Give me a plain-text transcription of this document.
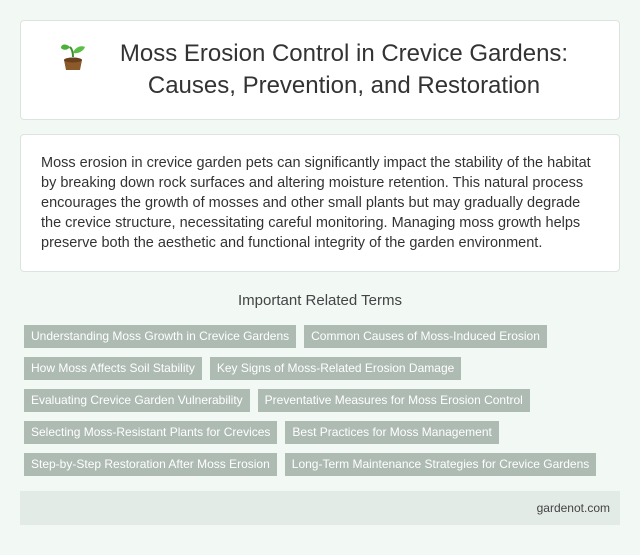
Moss Erosion Control in Crevice Gardens: Causes, Prevention, and Restoration

Moss erosion in crevice garden pets can significantly impact the stability of the habitat by breaking down rock surfaces and altering moisture retention. This natural process encourages the growth of mosses and other small plants but may gradually degrade the crevice structure, necessitating careful monitoring. Managing moss growth helps preserve both the aesthetic and functional integrity of the garden environment.

Important Related Terms
Understanding Moss Growth in Crevice Gardens	Common Causes of Moss-Induced Erosion
How Moss Affects Soil Stability	Key Signs of Moss-Related Erosion Damage
Evaluating Crevice Garden Vulnerability	Preventative Measures for Moss Erosion Control
Selecting Moss-Resistant Plants for Crevices	Best Practices for Moss Management
Step-by-Step Restoration After Moss Erosion	Long-Term Maintenance Strategies for Crevice Gardens
gardenot.com
